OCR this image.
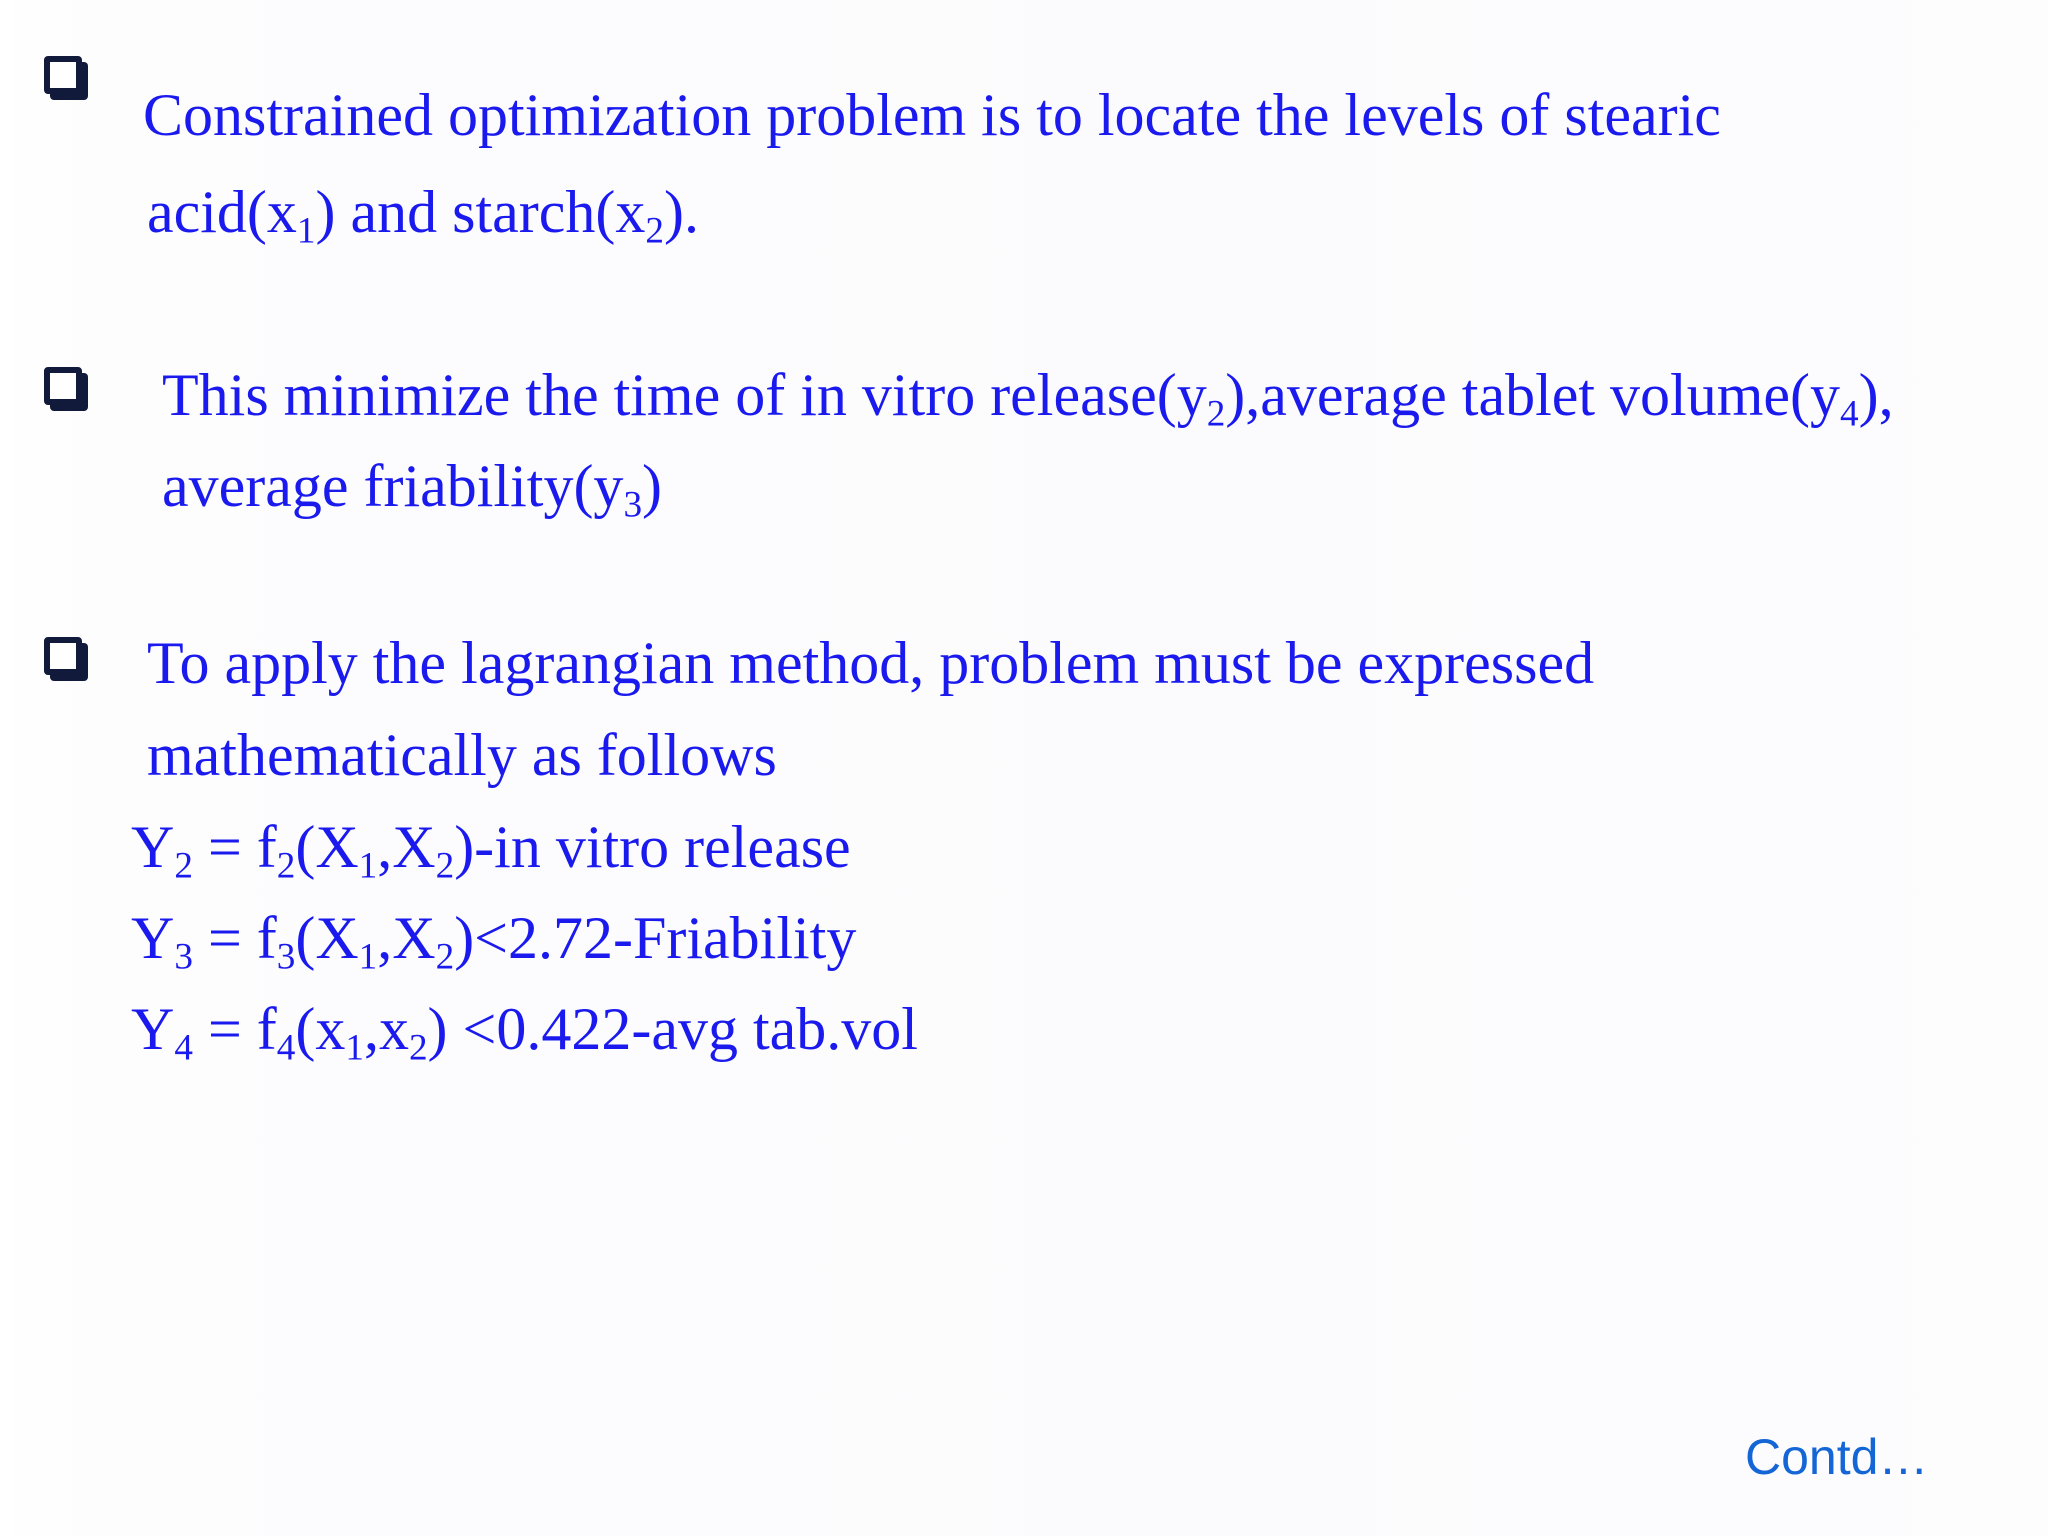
Constrained optimization problem is to locate the levels of stearic
$acid(x_1)$ and $starch(x_2)$.
This minimize the time of in vitro $release(y_2),average$ tablet $volume(y_4)$,
average $friability(y_3)$
To apply the lagrangian method, problem must be expressed
mathematically as follows
$Y_2 = f_2(X_1,X_2)-in$ vitro release
$Y_3$ = $f_3(X_1,X_2)<2.72$-Friability
$Y_4 = f_4(x_1,x_2) <0.422-avg$ tab.vol
Contd…
